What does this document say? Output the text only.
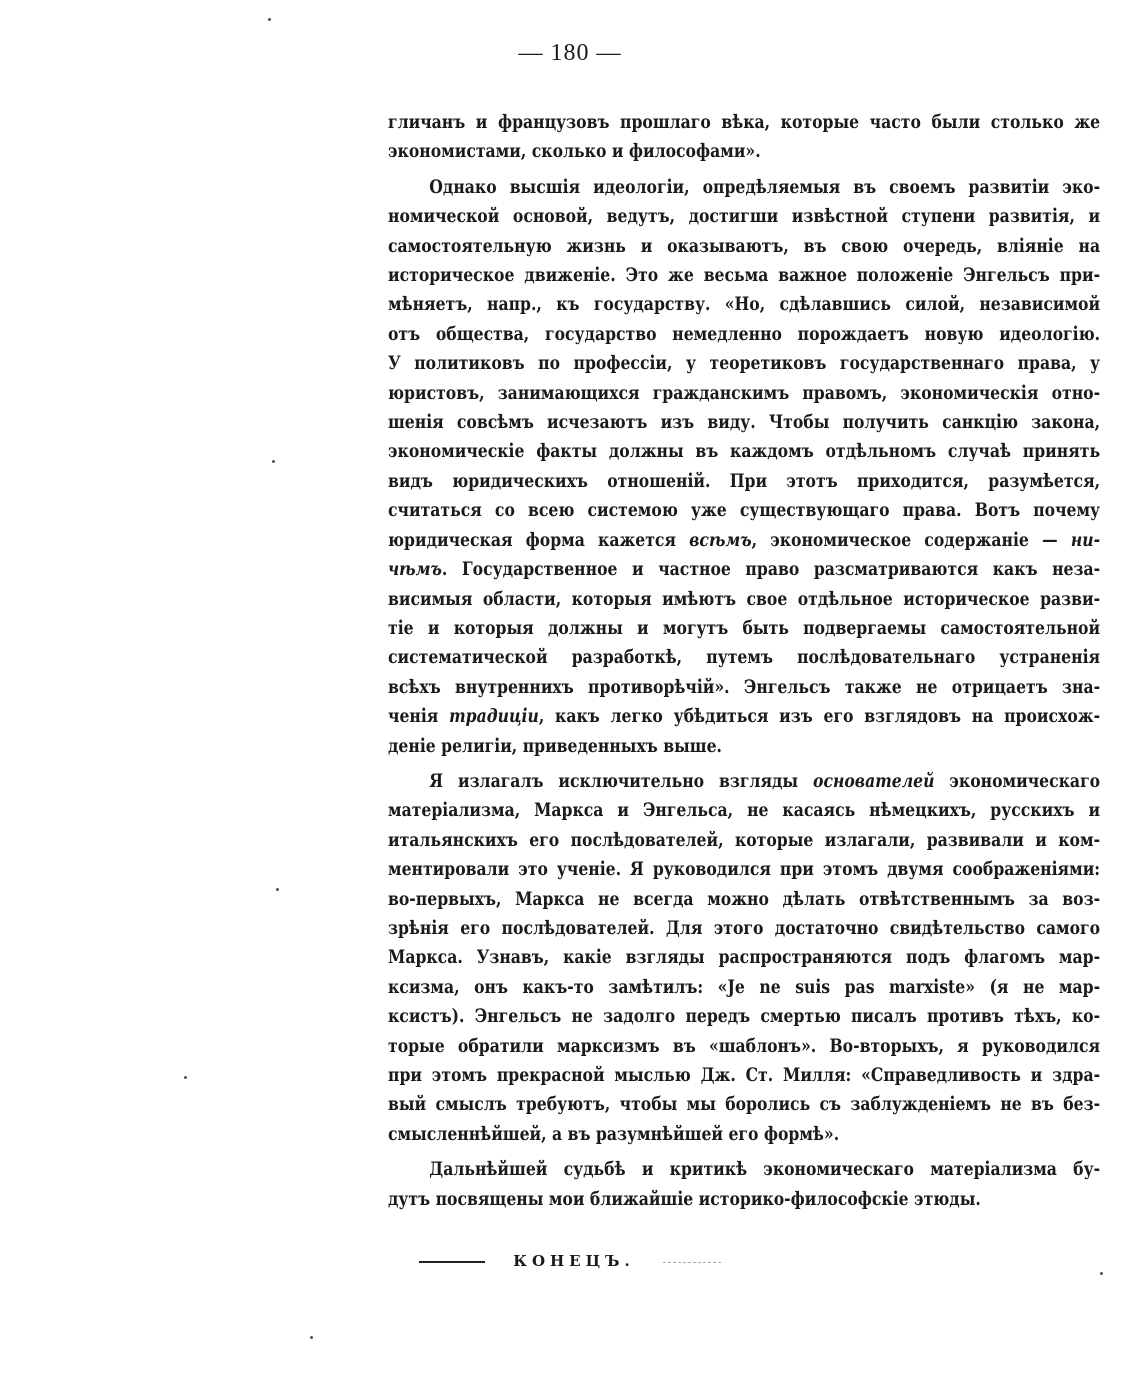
— 180 —
гличанъ и французовъ прошлаго вѣка, которые часто были столько же
экономистами, сколько и философами».
Однако высшія идеологіи, опредѣляемыя въ своемъ развитіи эко-
номической основой, ведутъ, достигши извѣстной ступени развитія, и
самостоятельную жизнь и оказываютъ, въ свою очередь, вліяніе на
историческое движеніе. Это же весьма важное положеніе Энгельсъ при-
мѣняетъ, напр., къ государству. «Но, сдѣлавшись силой, независимой
отъ общества, государство немедленно порождаетъ новую идеологію.
У политиковъ по профессіи, у теоретиковъ государственнаго права, у
юристовъ, занимающихся гражданскимъ правомъ, экономическія отно-
шенія совсѣмъ исчезаютъ изъ виду. Чтобы получить санкцію закона,
экономическіе факты должны въ каждомъ отдѣльномъ случаѣ принять
видъ юридическихъ отношеній. При этотъ приходится, разумѣется,
считаться со всею системою уже существующаго права. Вотъ почему
юридическая форма кажется всѣмъ, экономическое содержаніе — ни-
чѣмъ. Государственное и частное право разсматриваются какъ неза-
висимыя области, которыя имѣютъ свое отдѣльное историческое разви-
тіе и которыя должны и могутъ быть подвергаемы самостоятельной
систематической разработкѣ, путемъ послѣдовательнаго устраненія
всѣхъ внутреннихъ противорѣчій». Энгельсъ также не отрицаетъ зна-
ченія традиціи, какъ легко убѣдиться изъ его взглядовъ на происхож-
деніе религіи, приведенныхъ выше.
Я излагалъ исключительно взгляды основателей экономическаго
матеріализма, Маркса и Энгельса, не касаясь нѣмецкихъ, русскихъ и
итальянскихъ его послѣдователей, которые излагали, развивали и ком-
ментировали это ученіе. Я руководился при этомъ двумя соображеніями:
во-первыхъ, Маркса не всегда можно дѣлать отвѣтственнымъ за воз-
зрѣнія его послѣдователей. Для этого достаточно свидѣтельство самого
Маркса. Узнавъ, какіе взгляды распространяются подъ флагомъ мар-
ксизма, онъ какъ-то замѣтилъ: «Je ne suis pas marxiste» (я не мар-
ксистъ). Энгельсъ не задолго передъ смертью писалъ противъ тѣхъ, ко-
торые обратили марксизмъ въ «шаблонъ». Во-вторыхъ, я руководился
при этомъ прекрасной мыслью Дж. Ст. Милля: «Справедливость и здра-
вый смыслъ требуютъ, чтобы мы боролись съ заблужденіемъ не въ без-
смысленнѣйшей, а въ разумнѣйшей его формѣ».
Дальнѣйшей судьбѣ и критикѣ экономическаго матеріализма бу-
дутъ посвящены мои ближайшіе историко-философскіе этюды.
КОНЕЦЪ.
